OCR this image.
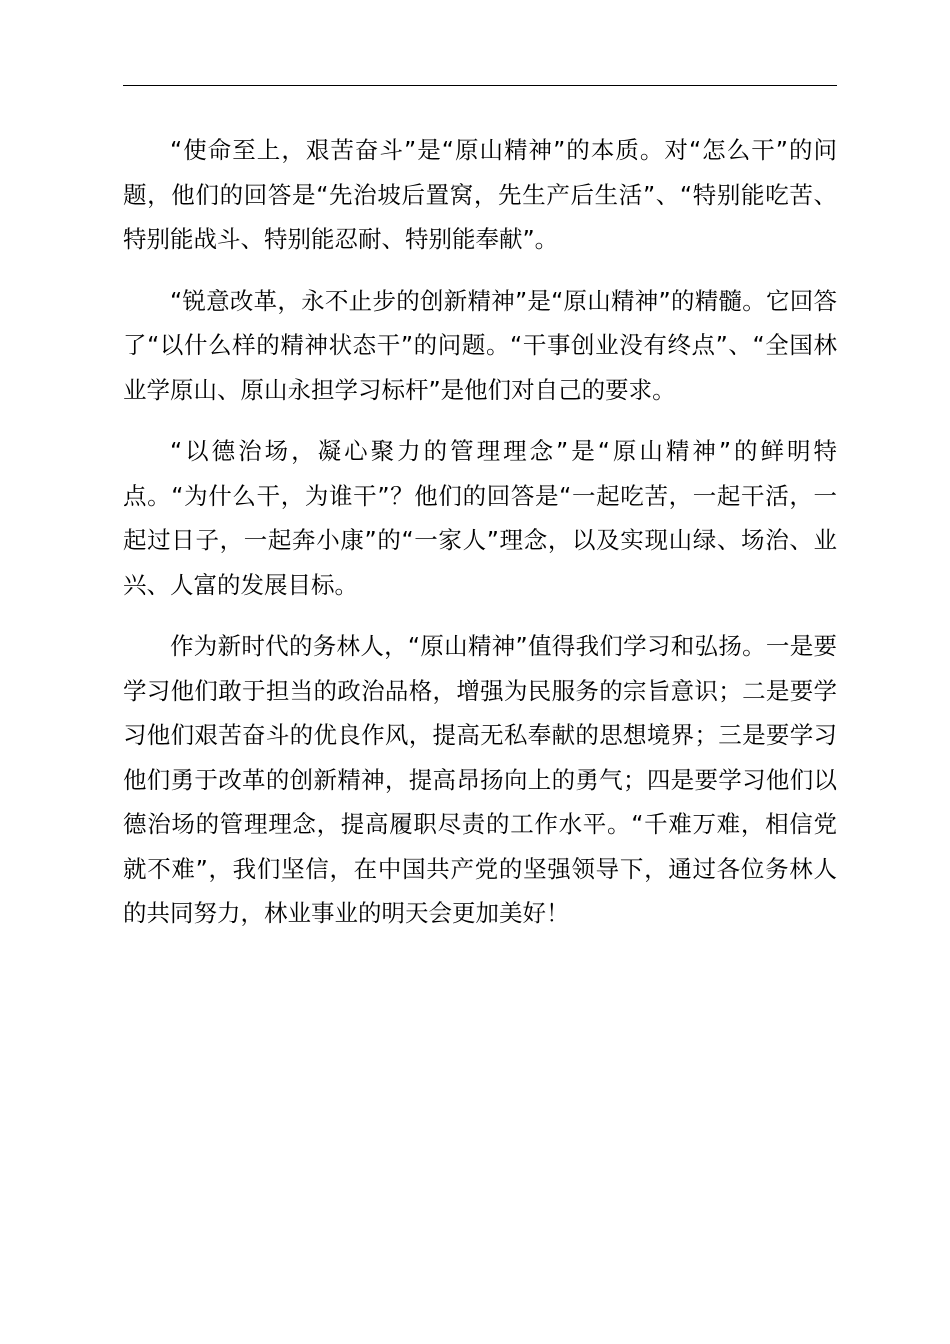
“使命至上，艰苦奋斗”是“原山精神”的本质。对“怎么干”的问题，他们的回答是“先治坡后置窝，先生产后生活”、“特别能吃苦、特别能战斗、特别能忍耐、特别能奉献”。

“锐意改革，永不止步的创新精神”是“原山精神”的精髓。它回答了“以什么样的精神状态干”的问题。“干事创业没有终点”、“全国林业学原山、原山永担学习标杆”是他们对自己的要求。

“以德治场，凝心聚力的管理理念”是“原山精神”的鲜明特点。“为什么干，为谁干”？他们的回答是“一起吃苦，一起干活，一起过日子，一起奔小康”的“一家人”理念，以及实现山绿、场治、业兴、人富的发展目标。

作为新时代的务林人，“原山精神”值得我们学习和弘扬。一是要学习他们敢于担当的政治品格，增强为民服务的宗旨意识；二是要学习他们艰苦奋斗的优良作风，提高无私奉献的思想境界；三是要学习他们勇于改革的创新精神，提高昂扬向上的勇气；四是要学习他们以德治场的管理理念，提高履职尽责的工作水平。“千难万难，相信党就不难”，我们坚信，在中国共产党的坚强领导下，通过各位务林人的共同努力，林业事业的明天会更加美好！
